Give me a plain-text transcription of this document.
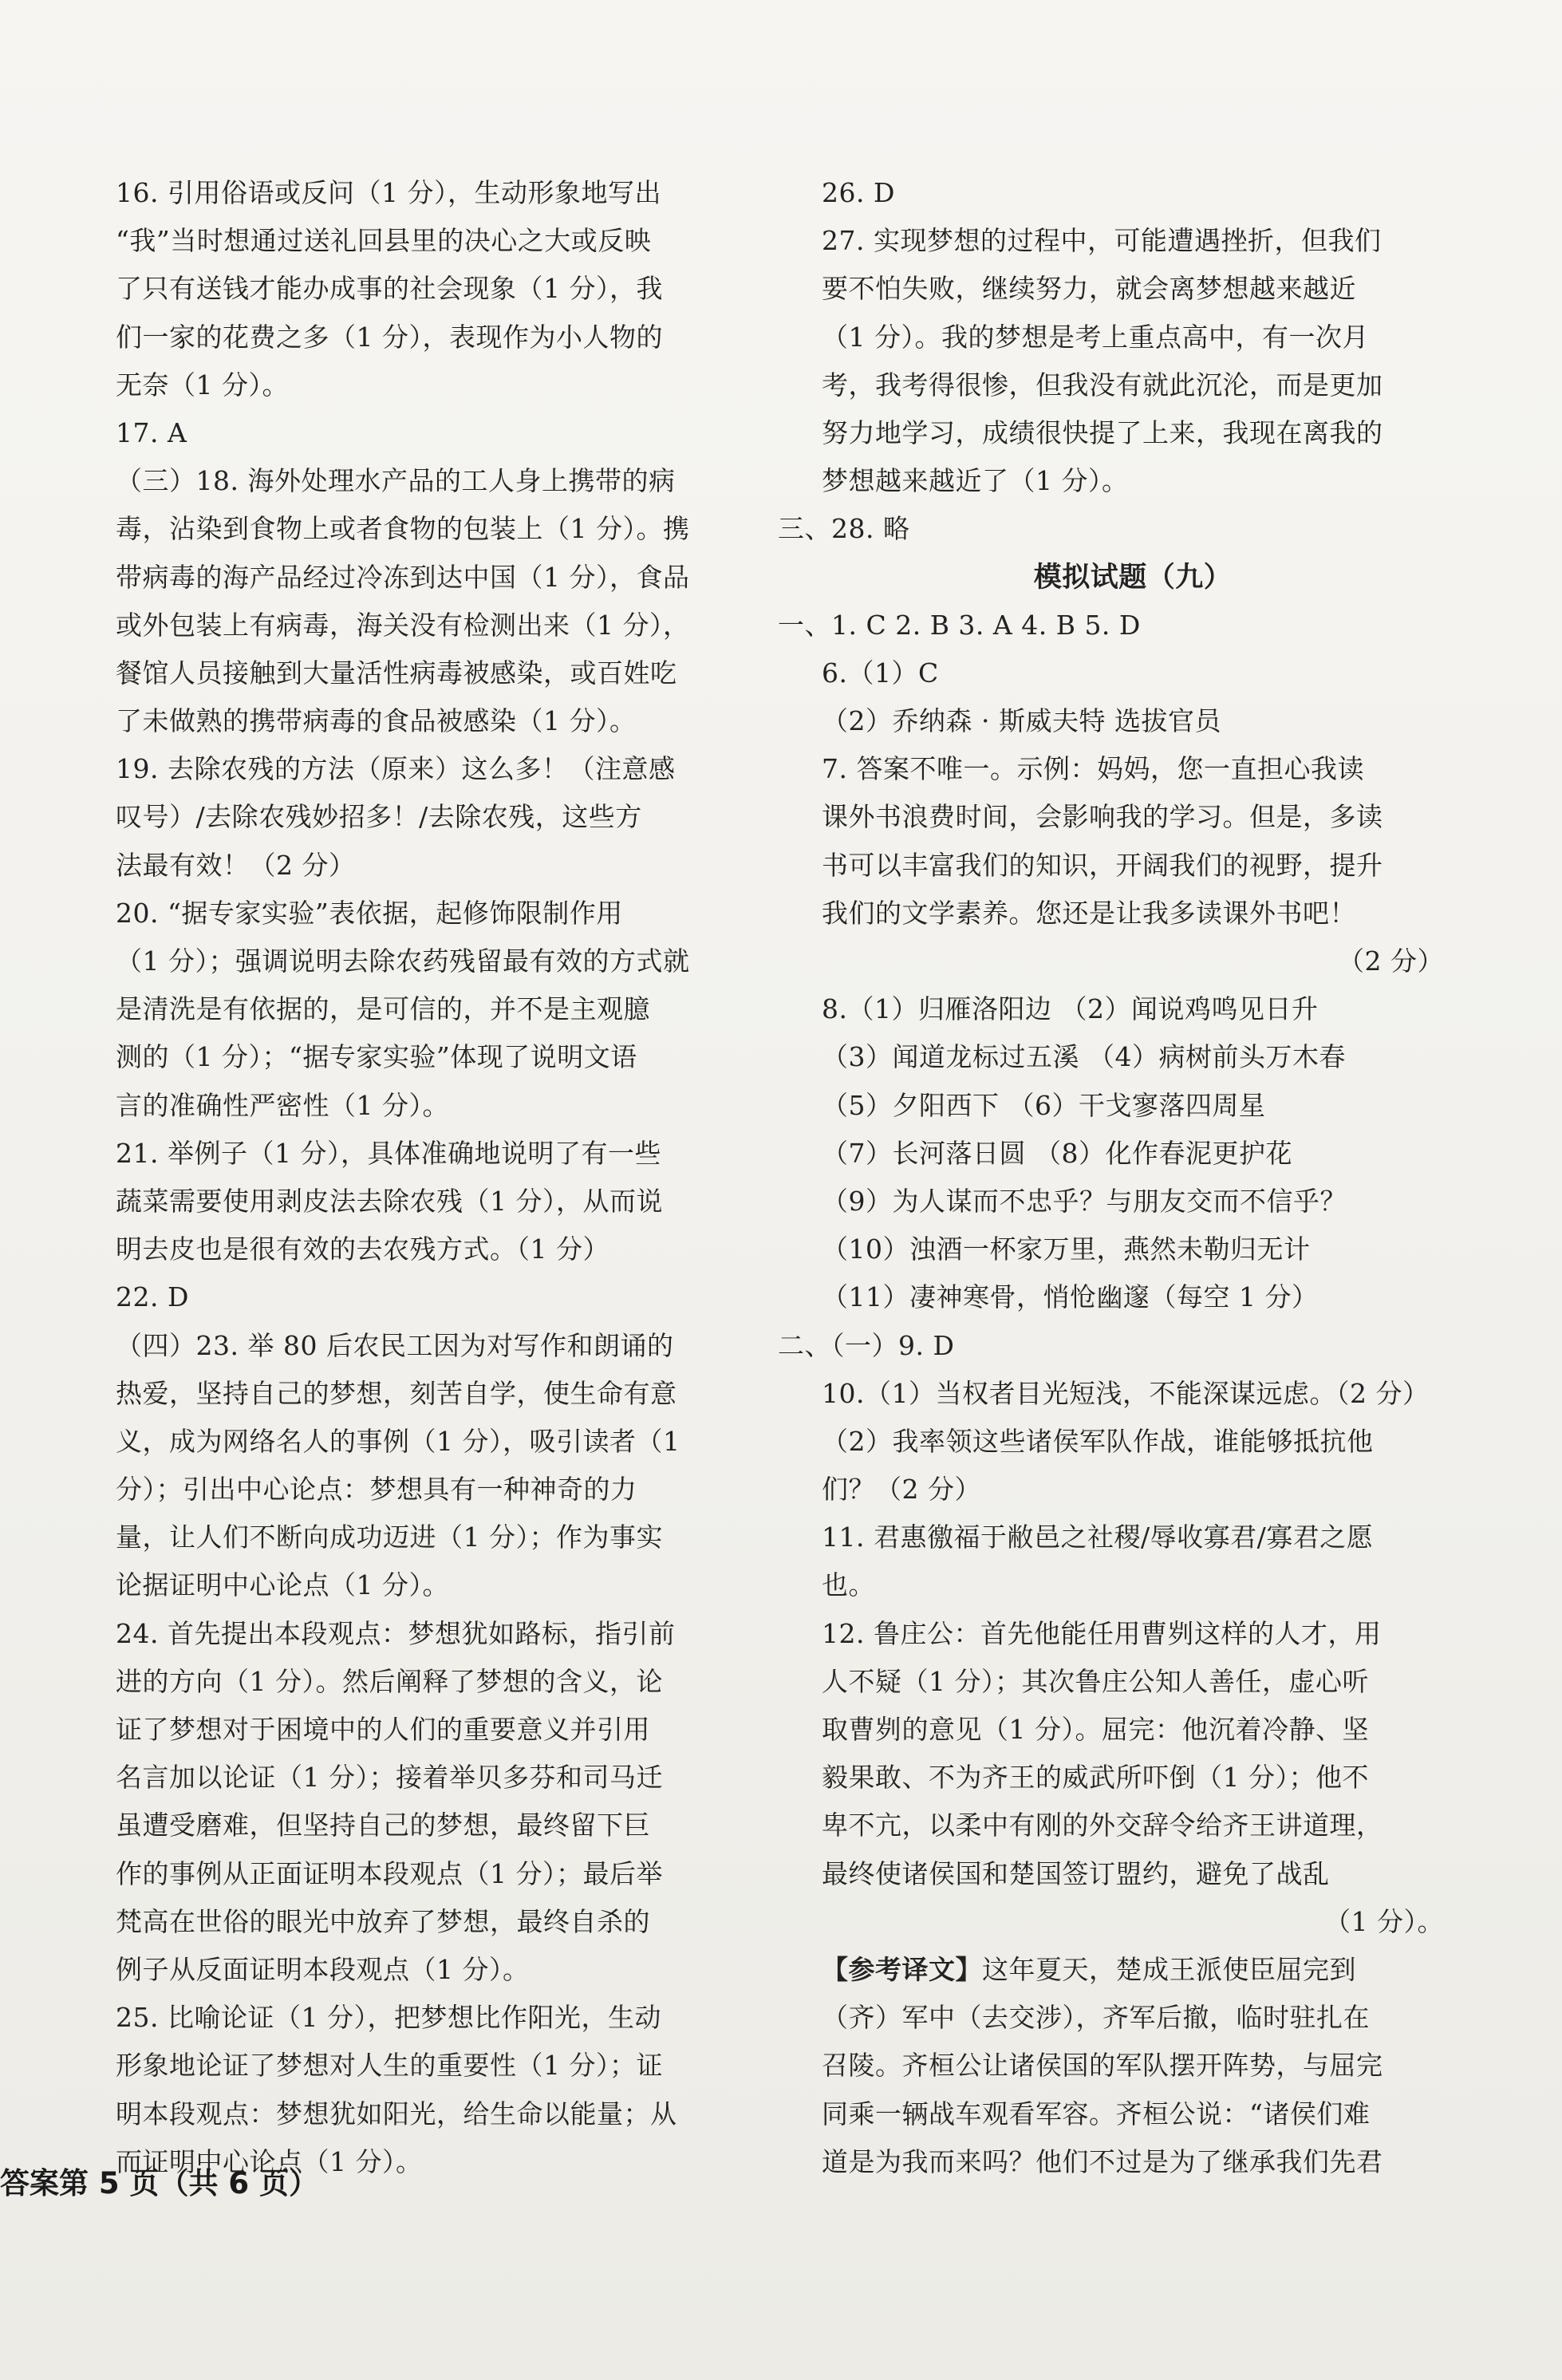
16. 引用俗语或反问（1 分），生动形象地写出
“我”当时想通过送礼回县里的决心之大或反映
了只有送钱才能办成事的社会现象（1 分），我
们一家的花费之多（1 分），表现作为小人物的
无奈（1 分）。
17. A
（三）18. 海外处理水产品的工人身上携带的病
毒，沾染到食物上或者食物的包装上（1 分）。携
带病毒的海产品经过冷冻到达中国（1 分），食品
或外包装上有病毒，海关没有检测出来（1 分），
餐馆人员接触到大量活性病毒被感染，或百姓吃
了未做熟的携带病毒的食品被感染（1 分）。
19. 去除农残的方法（原来）这么多！（注意感
叹号）/去除农残妙招多！/去除农残，这些方
法最有效！（2 分）
20. “据专家实验”表依据，起修饰限制作用
（1 分）；强调说明去除农药残留最有效的方式就
是清洗是有依据的，是可信的，并不是主观臆
测的（1 分）；“据专家实验”体现了说明文语
言的准确性严密性（1 分）。
21. 举例子（1 分），具体准确地说明了有一些
蔬菜需要使用剥皮法去除农残（1 分），从而说
明去皮也是很有效的去农残方式。（1 分）
22. D
（四）23. 举 80 后农民工因为对写作和朗诵的
热爱，坚持自己的梦想，刻苦自学，使生命有意
义，成为网络名人的事例（1 分），吸引读者（1
分）；引出中心论点：梦想具有一种神奇的力
量，让人们不断向成功迈进（1 分）；作为事实
论据证明中心论点（1 分）。
24. 首先提出本段观点：梦想犹如路标，指引前
进的方向（1 分）。然后阐释了梦想的含义，论
证了梦想对于困境中的人们的重要意义并引用
名言加以论证（1 分）；接着举贝多芬和司马迁
虽遭受磨难，但坚持自己的梦想，最终留下巨
作的事例从正面证明本段观点（1 分）；最后举
梵高在世俗的眼光中放弃了梦想，最终自杀的
例子从反面证明本段观点（1 分）。
25. 比喻论证（1 分），把梦想比作阳光，生动
形象地论证了梦想对人生的重要性（1 分）；证
明本段观点：梦想犹如阳光，给生命以能量；从
而证明中心论点（1 分）。
26. D
27. 实现梦想的过程中，可能遭遇挫折，但我们
要不怕失败，继续努力，就会离梦想越来越近
（1 分）。我的梦想是考上重点高中，有一次月
考，我考得很惨，但我没有就此沉沦，而是更加
努力地学习，成绩很快提了上来，我现在离我的
梦想越来越近了（1 分）。
三、28. 略
模拟试题（九）
一、1. C 2. B 3. A 4. B 5. D
6.（1）C
（2）乔纳森 · 斯威夫特 选拔官员
7. 答案不唯一。示例：妈妈，您一直担心我读
课外书浪费时间，会影响我的学习。但是，多读
书可以丰富我们的知识，开阔我们的视野，提升
我们的文学素养。您还是让我多读课外书吧！
（2 分）
8.（1）归雁洛阳边 （2）闻说鸡鸣见日升
（3）闻道龙标过五溪 （4）病树前头万木春
（5）夕阳西下 （6）干戈寥落四周星
（7）长河落日圆 （8）化作春泥更护花
（9）为人谋而不忠乎？与朋友交而不信乎？
（10）浊酒一杯家万里，燕然未勒归无计
（11）凄神寒骨，悄怆幽邃（每空 1 分）
二、（一）9. D
10.（1）当权者目光短浅，不能深谋远虑。（2 分）
（2）我率领这些诸侯军队作战，谁能够抵抗他
们？（2 分）
11. 君惠徼福于敝邑之社稷/辱收寡君/寡君之愿
也。
12. 鲁庄公：首先他能任用曹刿这样的人才，用
人不疑（1 分）；其次鲁庄公知人善任，虚心听
取曹刿的意见（1 分）。屈完：他沉着冷静、坚
毅果敢、不为齐王的威武所吓倒（1 分）；他不
卑不亢，以柔中有刚的外交辞令给齐王讲道理，
最终使诸侯国和楚国签订盟约，避免了战乱
（1 分）。
【参考译文】这年夏天，楚成王派使臣屈完到
（齐）军中（去交涉），齐军后撤，临时驻扎在
召陵。齐桓公让诸侯国的军队摆开阵势，与屈完
同乘一辆战车观看军容。齐桓公说：“诸侯们难
道是为我而来吗？他们不过是为了继承我们先君
答案第 5 页（共 6 页）
